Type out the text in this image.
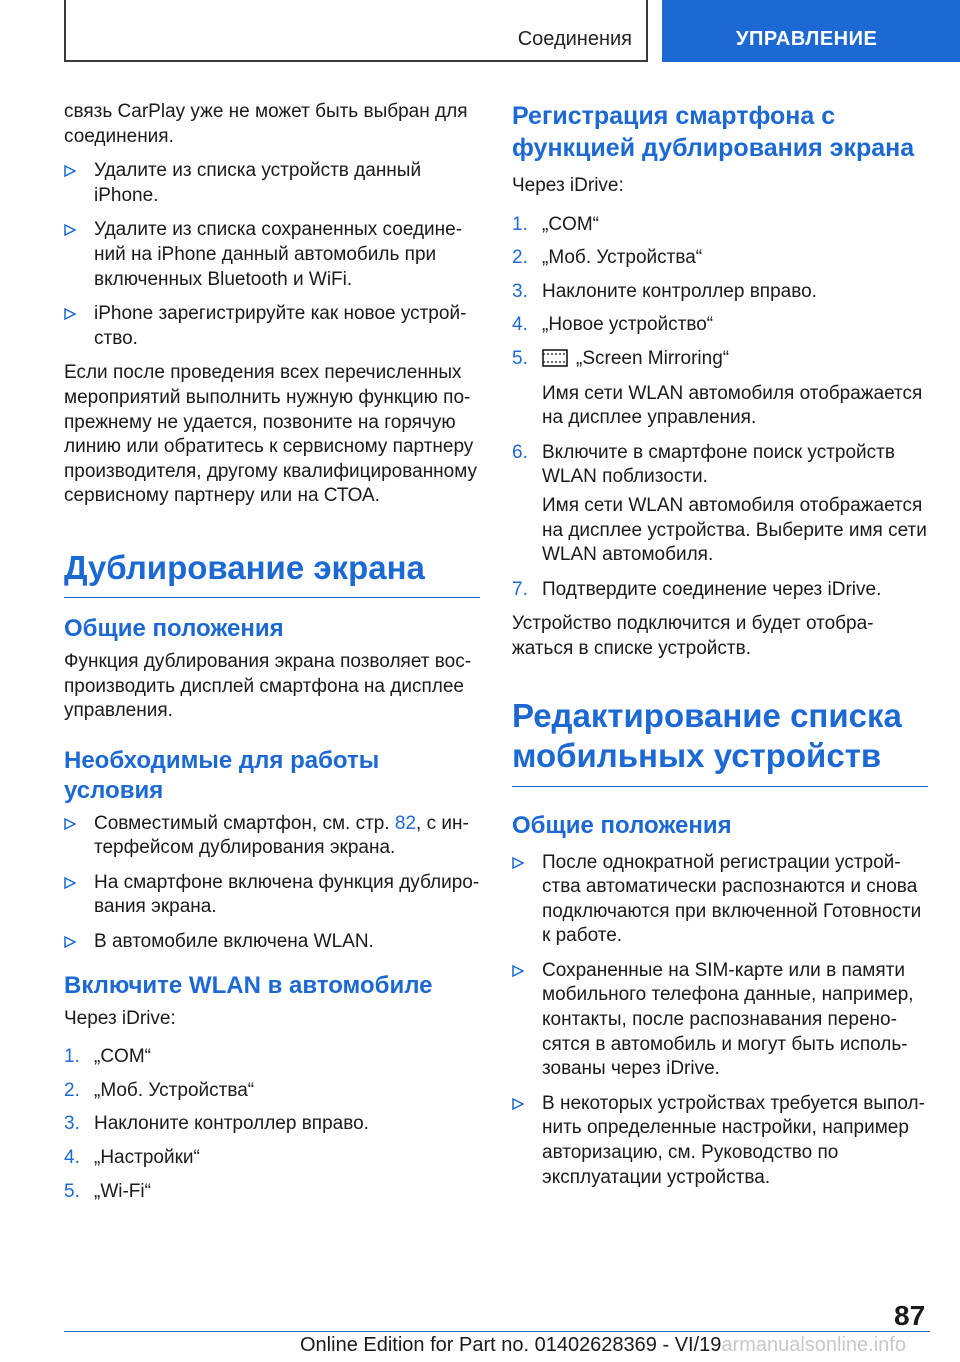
Соединения	УПРАВЛЕНИЕ

связь CarPlay уже не может быть выбран для соединения.

Удалите из списка устройств данный iPhone.
Удалите из списка сохраненных соединений на iPhone данный автомобиль при включенных Bluetooth и WiFi.
iPhone зарегистрируйте как новое устройство.

Если после проведения всех перечисленных мероприятий выполнить нужную функцию по-прежнему не удается, позвоните на горячую линию или обратитесь к сервисному партнеру производителя, другому квалифицированному сервисному партнеру или на СТОА.

Дублирование экрана
Общие положения

Функция дублирования экрана позволяет воспроизводить дисплей смартфона на дисплее управления.

Необходимые для работы условия
Совместимый смартфон, см. стр. 82, с интерфейсом дублирования экрана.
На смартфоне включена функция дублирования экрана.
В автомобиле включена WLAN.
Включите WLAN в автомобиле

Через iDrive:

1. „COM“
2. „Моб. Устройства“
3. Наклоните контроллер вправо.
4. „Настройки“
5. „Wi-Fi“
Регистрация смартфона с функцией дублирования экрана

Через iDrive:

1. „COM“
2. „Моб. Устройства“
3. Наклоните контроллер вправо.
4. „Новое устройство“
5.	„Screen Mirroring“

Имя сети WLAN автомобиля отображается на дисплее управления.

6. Включите в смартфоне поиск устройств WLAN поблизости.

Имя сети WLAN автомобиля отображается на дисплее устройства. Выберите имя сети WLAN автомобиля.

7. Подтвердите соединение через iDrive.

Устройство подключится и будет отображаться в списке устройств.

Редактирование списка мобильных устройств
Общие положения
После однократной регистрации устройства автоматически распознаются и снова подключаются при включенной Готовности к работе.
Сохраненные на SIM-карте или в памяти мобильного телефона данные, например, контакты, после распознавания переносятся в автомобиль и могут быть использованы через iDrive.
В некоторых устройствах требуется выполнить определенные настройки, например авторизацию, см. Руководство по эксплуатации устройства.
87
Online Edition for Part no. 01402628369 - VI/19armanualsonline.info
